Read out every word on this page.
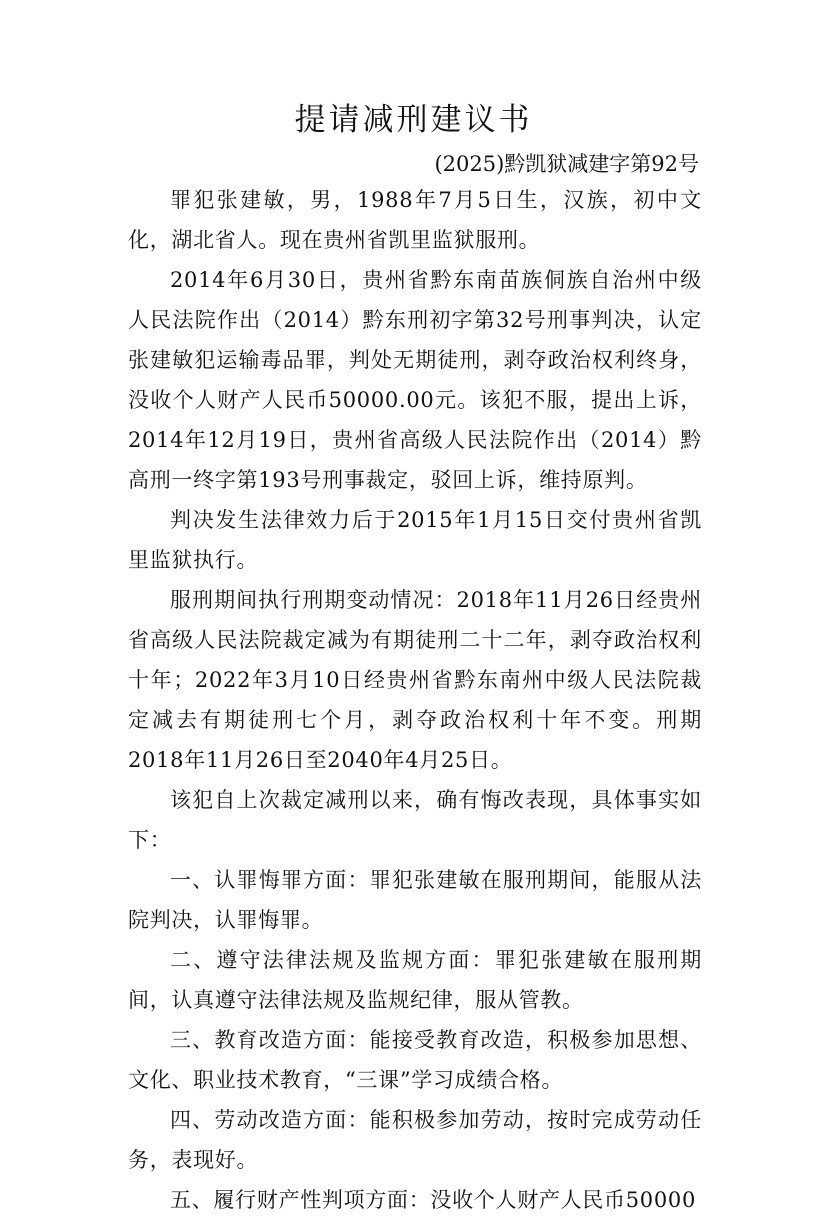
提请减刑建议书
(2025)黔凯狱减建字第92号

罪犯张建敏，男，1988年7月5日生，汉族，初中文化，湖北省人。现在贵州省凯里监狱服刑。

2014年6月30日，贵州省黔东南苗族侗族自治州中级人民法院作出（2014）黔东刑初字第32号刑事判决，认定张建敏犯运输毒品罪，判处无期徒刑，剥夺政治权利终身，没收个人财产人民币50000.00元。该犯不服，提出上诉，2014年12月19日，贵州省高级人民法院作出（2014）黔高刑一终字第193号刑事裁定，驳回上诉，维持原判。

判决发生法律效力后于2015年1月15日交付贵州省凯里监狱执行。

服刑期间执行刑期变动情况：2018年11月26日经贵州省高级人民法院裁定减为有期徒刑二十二年，剥夺政治权利十年；2022年3月10日经贵州省黔东南州中级人民法院裁定减去有期徒刑七个月，剥夺政治权利十年不变。刑期2018年11月26日至2040年4月25日。

该犯自上次裁定减刑以来，确有悔改表现，具体事实如下：

一、认罪悔罪方面：罪犯张建敏在服刑期间，能服从法院判决，认罪悔罪。

二、遵守法律法规及监规方面：罪犯张建敏在服刑期间，认真遵守法律法规及监规纪律，服从管教。

三、教育改造方面：能接受教育改造，积极参加思想、文化、职业技术教育，“三课”学习成绩合格。

四、劳动改造方面：能积极参加劳动，按时完成劳动任务，表现好。

五、履行财产性判项方面：没收个人财产人民币50000
